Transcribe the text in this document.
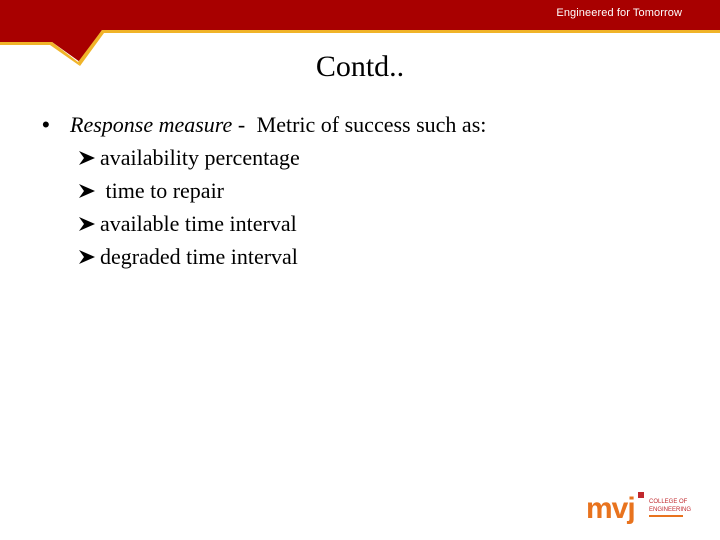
Engineered for Tomorrow
Contd..
• Response measure - Metric of success such as:
availability percentage
time to repair
available time interval
degraded time interval
mvj COLLEGE OF
ENGINEERING
